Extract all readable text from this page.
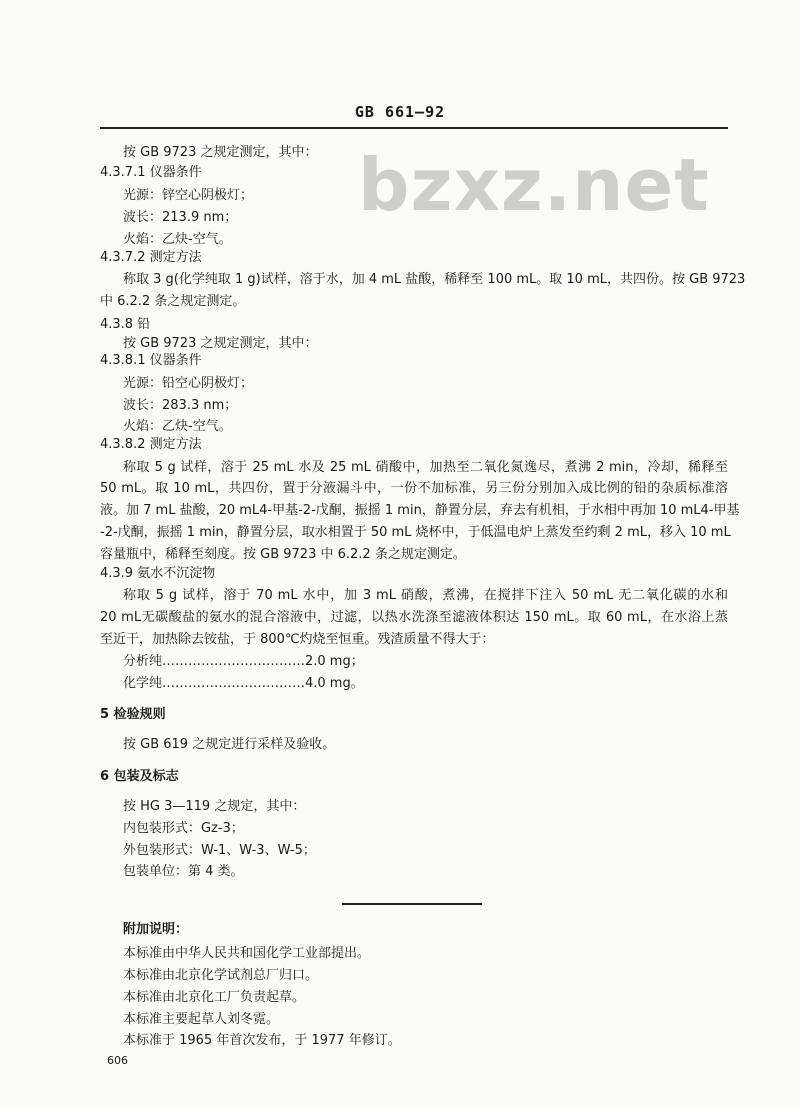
GB 661—92
bzxz.net
按 GB 9723 之规定测定，其中：
4.3.7.1 仪器条件
光源：锌空心阴极灯；
波长：213.9 nm；
火焰：乙炔-空气。
4.3.7.2 测定方法
称取 3 g(化学纯取 1 g)试样，溶于水，加 4 mL 盐酸，稀释至 100 mL。取 10 mL，共四份。按 GB 9723
中 6.2.2 条之规定测定。
4.3.8 铅
按 GB 9723 之规定测定，其中：
4.3.8.1 仪器条件
光源：铅空心阴极灯；
波长：283.3 nm；
火焰：乙炔-空气。
4.3.8.2 测定方法
称取 5 g 试样，溶于 25 mL 水及 25 mL 硝酸中，加热至二氧化氮逸尽，煮沸 2 min，冷却，稀释至
50 mL。取 10 mL，共四份，置于分液漏斗中，一份不加标准，另三份分别加入成比例的铅的杂质标准溶
液。加 7 mL 盐酸，20 mL4-甲基-2-戊酮，振摇 1 min，静置分层，弃去有机相，于水相中再加 10 mL4-甲基
-2-戊酮，振摇 1 min，静置分层，取水相置于 50 mL 烧杯中，于低温电炉上蒸发至约剩 2 mL，移入 10 mL
容量瓶中，稀释至刻度。按 GB 9723 中 6.2.2 条之规定测定。
4.3.9 氨水不沉淀物
称取 5 g 试样，溶于 70 mL 水中，加 3 mL 硝酸，煮沸，在搅拌下注入 50 mL 无二氧化碳的水和
20 mL无碳酸盐的氨水的混合溶液中，过滤，以热水洗涤至滤液体积达 150 mL。取 60 mL，在水浴上蒸
至近干，加热除去铵盐，于 800℃灼烧至恒重。残渣质量不得大于：
分析纯……………………………2.0 mg；
化学纯……………………………4.0 mg。
5 检验规则
按 GB 619 之规定进行采样及验收。
6 包装及标志
按 HG 3—119 之规定，其中：
内包装形式：Gz-3；
外包装形式：W-1、W-3、W-5；
包装单位：第 4 类。
附加说明：
本标准由中华人民共和国化学工业部提出。
本标准由北京化学试剂总厂归口。
本标准由北京化工厂负责起草。
本标准主要起草人刘冬霓。
本标准于 1965 年首次发布，于 1977 年修订。
606
